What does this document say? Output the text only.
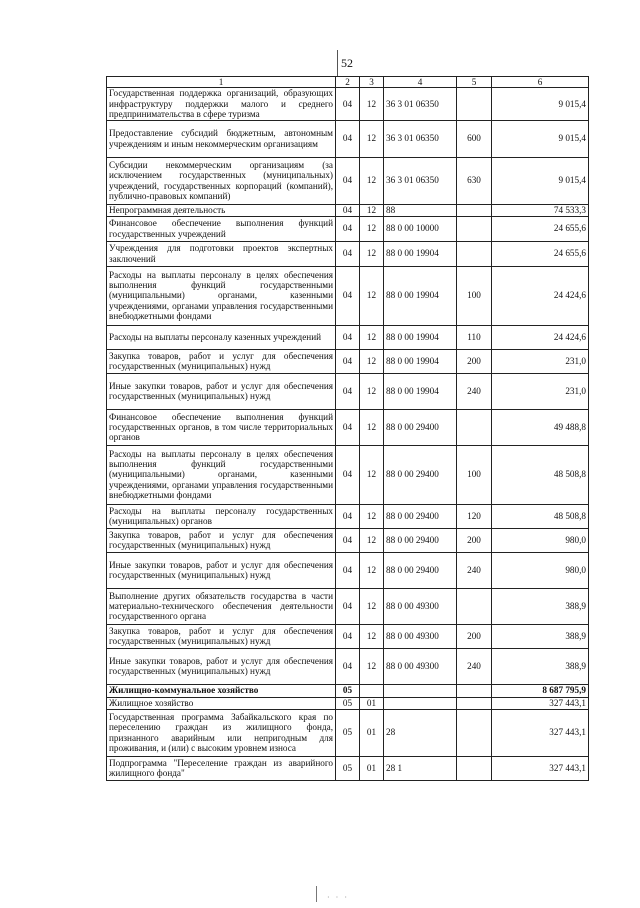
52
1	2	3	4	5	6
Государственная поддержка организаций, образующих инфраструктуру поддержки малого и среднего предпринимательства в сфере туризма	04	12	36 3 01 06350		9 015,4
Предоставление субсидий бюджетным, автономным учреждениям и иным некоммерческим организациям	04	12	36 3 01 06350	600	9 015,4
Субсидии некоммерческим организациям (за исключением государственных (муниципальных) учреждений, государственных корпораций (компаний), публично-правовых компаний)	04	12	36 3 01 06350	630	9 015,4
Непрограммная деятельность	04	12	88		74 533,3
Финансовое обеспечение выполнения функций государственных учреждений	04	12	88 0 00 10000		24 655,6
Учреждения для подготовки проектов экспертных заключений	04	12	88 0 00 19904		24 655,6
Расходы на выплаты персоналу в целях обеспечения выполнения функций государственными (муниципальными) органами, казенными учреждениями, органами управления государственными внебюджетными фондами	04	12	88 0 00 19904	100	24 424,6
Расходы на выплаты персоналу казенных учреждений	04	12	88 0 00 19904	110	24 424,6
Закупка товаров, работ и услуг для обеспечения государственных (муниципальных) нужд	04	12	88 0 00 19904	200	231,0
Иные закупки товаров, работ и услуг для обеспечения государственных (муниципальных) нужд	04	12	88 0 00 19904	240	231,0
Финансовое обеспечение выполнения функций государственных органов, в том числе территориальных органов	04	12	88 0 00 29400		49 488,8
Расходы на выплаты персоналу в целях обеспечения выполнения функций государственными (муниципальными) органами, казенными учреждениями, органами управления государственными внебюджетными фондами	04	12	88 0 00 29400	100	48 508,8
Расходы на выплаты персоналу государственных (муниципальных) органов	04	12	88 0 00 29400	120	48 508,8
Закупка товаров, работ и услуг для обеспечения государственных (муниципальных) нужд	04	12	88 0 00 29400	200	980,0
Иные закупки товаров, работ и услуг для обеспечения государственных (муниципальных) нужд	04	12	88 0 00 29400	240	980,0
Выполнение других обязательств государства в части материально-технического обеспечения деятельности государственного органа	04	12	88 0 00 49300		388,9
Закупка товаров, работ и услуг для обеспечения государственных (муниципальных) нужд	04	12	88 0 00 49300	200	388,9
Иные закупки товаров, работ и услуг для обеспечения государственных (муниципальных) нужд	04	12	88 0 00 49300	240	388,9
Жилищно-коммунальное хозяйство	05				8 687 795,9
Жилищное хозяйство	05	01			327 443,1
Государственная программа Забайкальского края по переселению граждан из жилищного фонда, признанного аварийным или непригодным для проживания, и (или) с высоким уровнем износа	05	01	28		327 443,1
Подпрограмма "Переселение граждан из аварийного жилищного фонда"	05	01	28 1		327 443,1
· · ·
